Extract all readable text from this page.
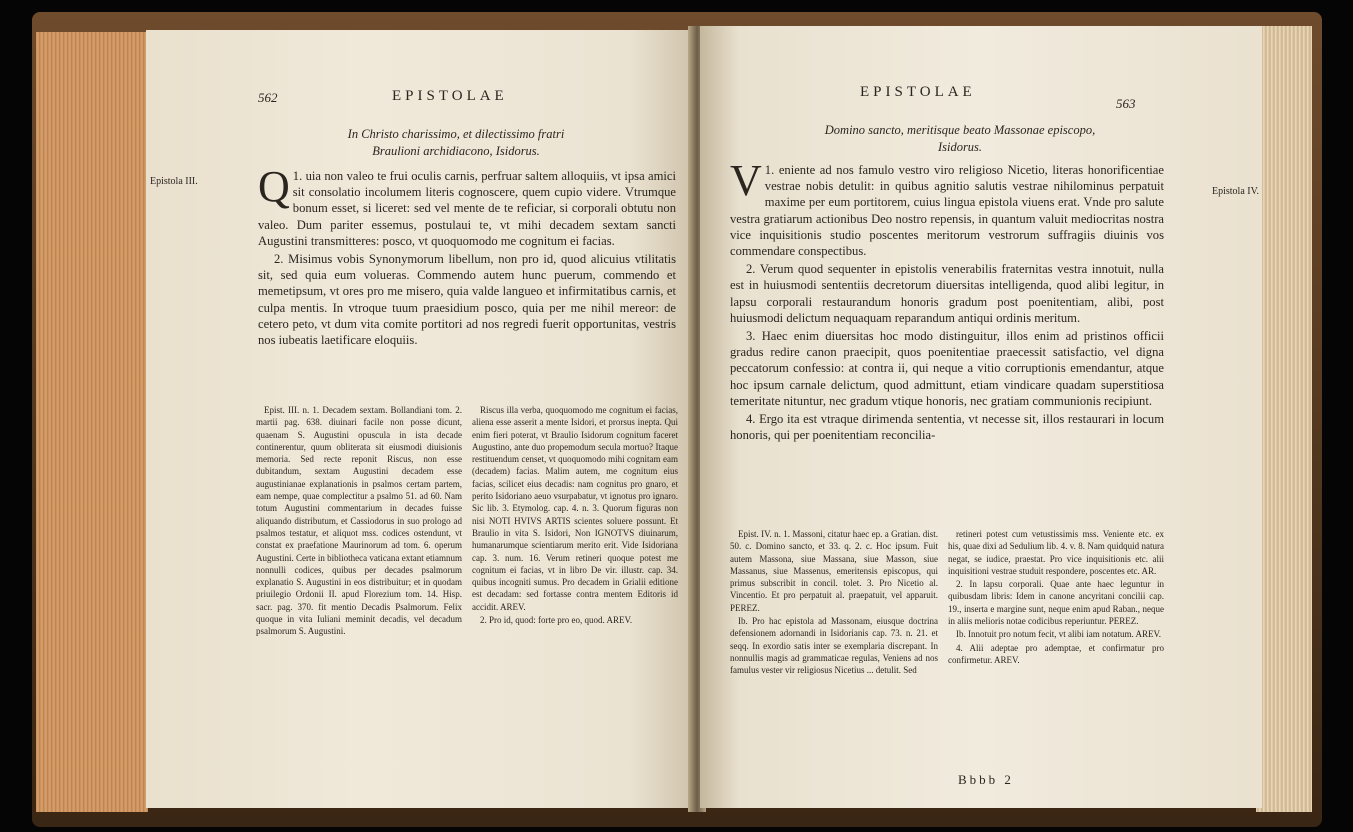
562	EPISTOLAE
In Christo charissimo, et dilectissimo fratri
Braulioni archidiacono, Isidorus.

Q 1. uia non valeo te frui oculis carnis, perfruar saltem alloquiis, vt ipsa amici sit consolatio incolumem literis cognoscere, quem cupio videre. Vtrumque bonum esset, si liceret: sed vel mente de te reficiar, si corporali obtutu non valeo. Dum pariter essemus, postulaui te, vt mihi decadem sextam sancti Augustini transmitteres: posco, vt quoquomodo me cognitum ei facias.

2. Misimus vobis Synonymorum libellum, non pro id, quod alicuius vtilitatis sit, sed quia eum volueras. Commendo autem hunc puerum, commendo et memetipsum, vt ores pro me misero, quia valde langueo et infirmitatibus carnis, et culpa mentis. In vtroque tuum praesidium posco, quia per me nihil mereor: de cetero peto, vt dum vita comite portitori ad nos regredi fuerit opportunitas, vestris nos iubeatis laetificare eloquiis.

Epist. III. n. 1. Decadem sextam. Bollandiani tom. 2. martii pag. 638. diuinari facile non posse dicunt, quaenam S. Augustini opuscula in ista decade continerentur, quum obliterata sit eiusmodi diuisionis memoria. Sed recte reponit Riscus, non esse dubitandum, sextam Augustini decadem esse augustinianae explanationis in psalmos certam partem, eam nempe, quae complectitur a psalmo 51. ad 60. Nam totum Augustini commentarium in decades fuisse aliquando distributum, et Cassiodorus in suo prologo ad psalmos testatur, et aliquot mss. codices ostendunt, vt constat ex praefatione Maurinorum ad tom. 6. operum Augustini. Certe in bibliotheca vaticana extant etiamnum nonnulli codices, quibus per decades psalmorum explanatio S. Augustini in eos distribuitur; et in quodam priuilegio Ordonii II. apud Florezium tom. 14. Hisp. sacr. pag. 370. fit mentio Decadis Psalmorum. Felix quoque in vita Iuliani meminit decadis, vel decadum psalmorum S. Augustini.

Riscus illa verba, quoquomodo me cognitum ei facias, aliena esse asserit a mente Isidori, et prorsus inepta. Qui enim fieri poterat, vt Braulio Isidorum cognitum faceret Augustino, ante duo propemodum secula mortuo? Itaque restituendum censet, vt quoquomodo mihi cognitam eam (decadem) facias. Malim autem, me cognitum eius facias, scilicet eius decadis: nam cognitus pro gnaro, et perito Isidoriano aeuo vsurpabatur, vt ignotus pro ignaro. Sic lib. 3. Etymolog. cap. 4. n. 3. Quorum figuras non nisi NOTI HVIVS ARTIS scientes soluere possunt. Et Braulio in vita S. Isidori, Non IGNOTVS diuinarum, humanarumque scientiarum merito erit. Vide Isidoriana cap. 3. num. 16. Verum retineri quoque potest me cognitum ei facias, vt in libro De vir. illustr. cap. 34. quibus incogniti sumus. Pro decadem in Grialii editione est decadam: sed fortasse contra mentem Editoris id accidit. AREV.

2. Pro id, quod: forte pro eo, quod. AREV.

Epistola III.
EPISTOLAE
563
Domino sancto, meritisque beato Massonae episcopo,
Isidorus.

V 1. eniente ad nos famulo vestro viro religioso Nicetio, literas honorificentiae vestrae nobis detulit: in quibus agnitio salutis vestrae nihilominus perpatuit maxime per eum portitorem, cuius lingua epistola viuens erat. Vnde pro salute vestra gratiarum actionibus Deo nostro repensis, in quantum valuit mediocritas nostra vice inquisitionis studio poscentes meritorum vestrorum suffragiis diuinis vos commendare conspectibus.

2. Verum quod sequenter in epistolis venerabilis fraternitas vestra innotuit, nulla est in huiusmodi sententiis decretorum diuersitas intelligenda, quod alibi legitur, in lapsu corporali restaurandum honoris gradum post poenitentiam, alibi, post huiusmodi delictum nequaquam reparandum antiqui ordinis meritum.

3. Haec enim diuersitas hoc modo distinguitur, illos enim ad pristinos officii gradus redire canon praecipit, quos poenitentiae praecessit satisfactio, vel digna peccatorum confessio: at contra ii, qui neque a vitio corruptionis emendantur, atque hoc ipsum carnale delictum, quod admittunt, etiam vindicare quadam superstitiosa temeritate nituntur, nec gradum vtique honoris, nec gratiam communionis recipiunt.

4. Ergo ita est vtraque dirimenda sententia, vt necesse sit, illos restaurari in locum honoris, qui per poenitentiam reconcilia-

Epist. IV. n. 1. Massoni, citatur haec ep. a Gratian. dist. 50. c. Domino sancto, et 33. q. 2. c. Hoc ipsum. Fuit autem Massona, siue Massana, siue Masson, siue Massanus, siue Massenus, emeritensis episcopus, qui primus subscribit in concil. tolet. 3. Pro Nicetio al. Vincentio. Et pro perpatuit al. praepatuit, vel apparuit. PEREZ.

Ib. Pro hac epistola ad Massonam, eiusque doctrina defensionem adornandi in Isidorianis cap. 73. n. 21. et seqq. In exordio satis inter se exemplaria discrepant. In nonnullis magis ad grammaticae regulas, Veniens ad nos famulus vester vir religiosus Nicetius ... detulit. Sed

retineri potest cum vetustissimis mss. Veniente etc. ex his, quae dixi ad Sedulium lib. 4. v. 8. Nam quidquid natura negat, se iudice, praestat. Pro vice inquisitionis etc. alii inquisitioni vestrae studuit respondere, poscentes etc. AR.

2. In lapsu corporali. Quae ante haec leguntur in quibusdam libris: Idem in canone ancyritani concilii cap. 19., inserta e margine sunt, neque enim apud Raban., neque in aliis melioris notae codicibus reperiuntur. PEREZ.

Ib. Innotuit pro notum fecit, vt alibi iam notatum. AREV.

4. Alii adeptae pro ademptae, et confirmatur pro confirmetur. AREV.

Bbbb 2
Epistola IV.
